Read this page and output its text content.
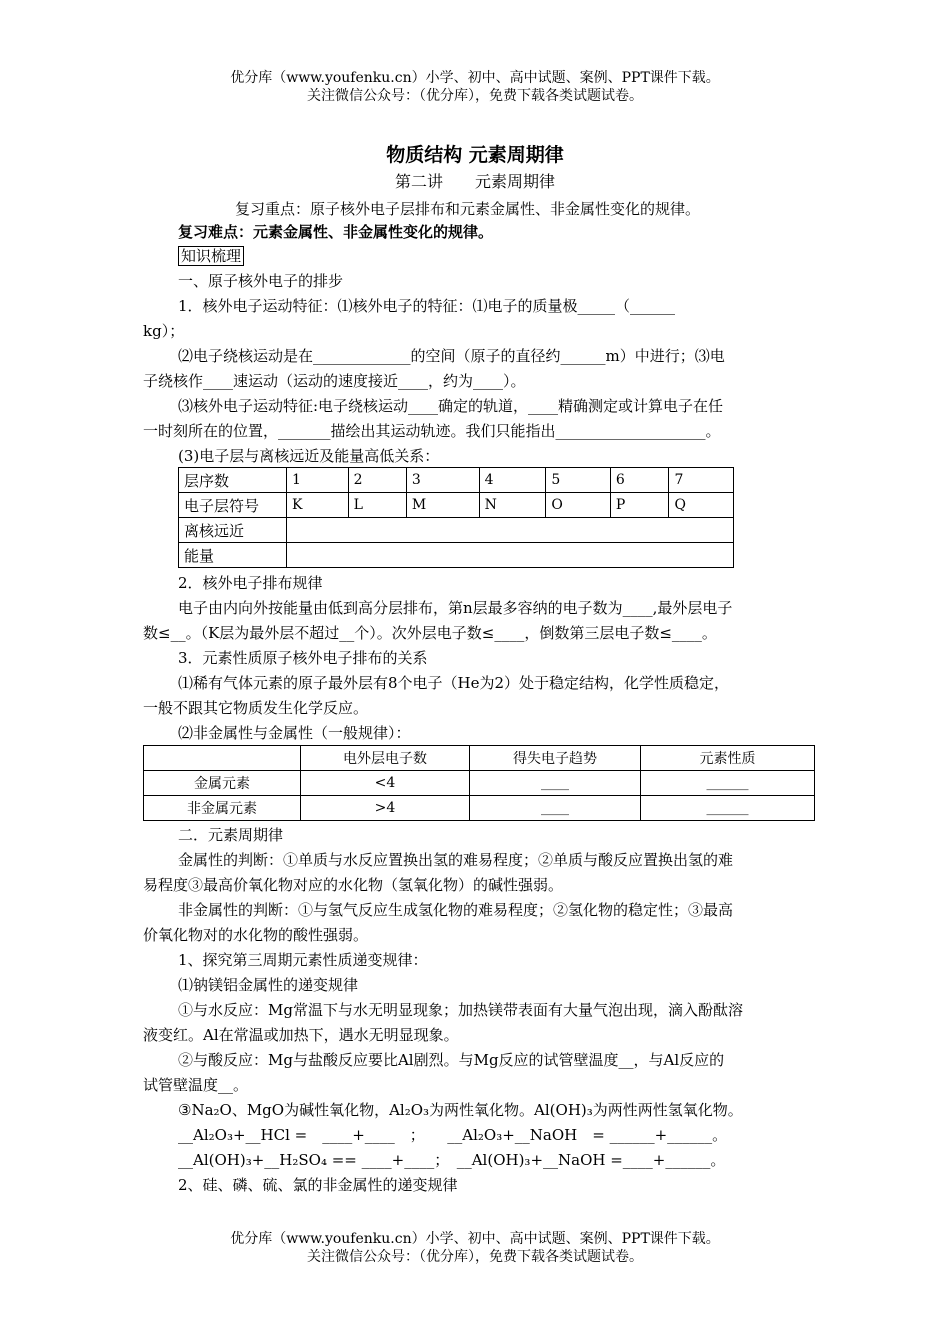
优分库（www.youfenku.cn）小学、初中、高中试题、案例、PPT课件下载。
关注微信公众号：（优分库），免费下载各类试题试卷。
物质结构 元素周期律
第二讲　　元素周期律
复习重点：原子核外电子层排布和元素金属性、非金属性变化的规律。
复习难点：元素金属性、非金属性变化的规律。
知识梳理
一、原子核外电子的排步
1．核外电子运动特征：⑴核外电子的特征：⑴电子的质量极_____（______
kg）；
⑵电子绕核运动是在_____________的空间（原子的直径约______m）中进行；⑶电
子绕核作____速运动（运动的速度接近____，约为____）。
⑶核外电子运动特征:电子绕核运动____确定的轨道，____精确测定或计算电子在任
一时刻所在的位置，_______描绘出其运动轨迹。我们只能指出____________________。
(3)电子层与离核远近及能量高低关系：
层序数	1	2	3	4	5	6	7
电子层符号	K	L	M	N	O	P	Q
离核远近							
能量							
2．核外电子排布规律
电子由内向外按能量由低到高分层排布，第n层最多容纳的电子数为____,最外层电子
数≤__。（K层为最外层不超过__个）。次外层电子数≤____，倒数第三层电子数≤____。
3．元素性质原子核外电子排布的关系
⑴稀有气体元素的原子最外层有8个电子（He为2）处于稳定结构，化学性质稳定，
一般不跟其它物质发生化学反应。
⑵非金属性与金属性（一般规律）：
	电外层电子数	得失电子趋势	元素性质
金属元素	<4	____	______
非金属元素	>4	____	______
二．元素周期律
金属性的判断：①单质与水反应置换出氢的难易程度；②单质与酸反应置换出氢的难
易程度③最高价氧化物对应的水化物（氢氧化物）的碱性强弱。
非金属性的判断：①与氢气反应生成氢化物的难易程度；②氢化物的稳定性；③最高
价氧化物对的水化物的酸性强弱。
1、探究第三周期元素性质递变规律：
⑴钠镁铝金属性的递变规律
①与水反应：Mg常温下与水无明显现象；加热镁带表面有大量气泡出现，滴入酚酞溶
液变红。Al在常温或加热下，遇水无明显现象。
②与酸反应：Mg与盐酸反应要比Al剧烈。与Mg反应的试管壁温度__，与Al反应的
试管壁温度__。
③Na₂O、MgO为碱性氧化物，Al₂O₃为两性氧化物。Al(OH)₃为两性两性氢氧化物。
__Al₂O₃+__HCl =　____+____　；　　__Al₂O₃+__NaOH　= ______+______。
__Al(OH)₃+__H₂SO₄ == ____+____；　__Al(OH)₃+__NaOH =____+______。
2、硅、磷、硫、氯的非金属性的递变规律
优分库（www.youfenku.cn）小学、初中、高中试题、案例、PPT课件下载。
关注微信公众号：（优分库），免费下载各类试题试卷。
